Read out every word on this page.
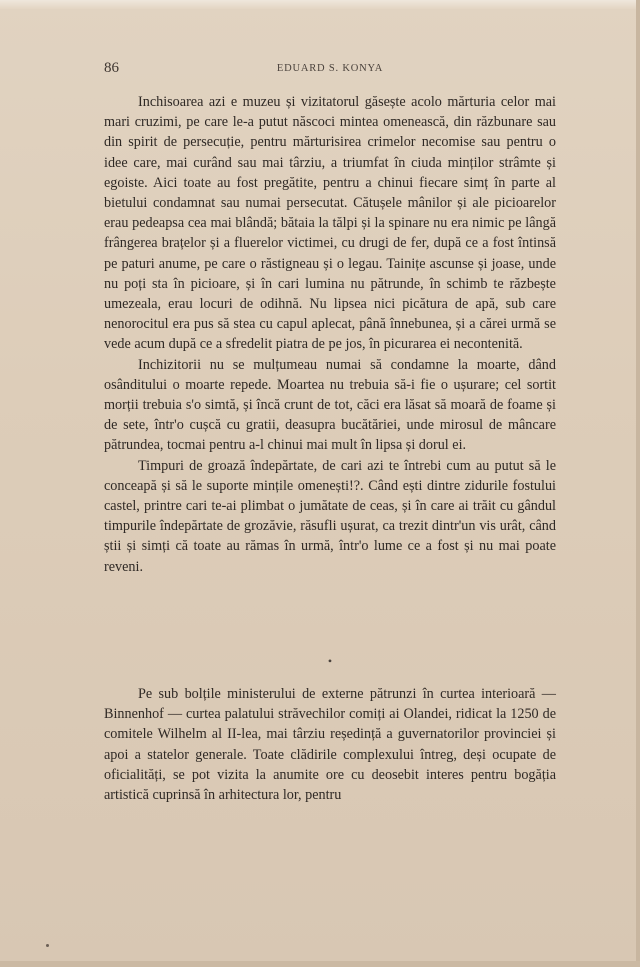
86	EDUARD S. KONYA

Inchisoarea azi e muzeu și vizitatorul găsește acolo mărturia celor mai mari cruzimi, pe care le-a putut născoci mintea omenească, din răzbunare sau din spirit de persecuție, pentru mărturisirea crimelor necomise sau pentru o idee care, mai curând sau mai târziu, a triumfat în ciuda minților strâmte și egoiste. Aici toate au fost pregătite, pentru a chinui fiecare simț în parte al bietului condamnat sau numai persecutat. Cătușele mânilor și ale picioarelor erau pedeapsa cea mai blândă; bătaia la tălpi și la spinare nu era nimic pe lângă frângerea brațelor și a fluerelor victimei, cu drugi de fer, după ce a fost întinsă pe paturi anume, pe care o răstigneau și o legau. Tainițe ascunse și joase, unde nu poți sta în picioare, și în cari lumina nu pătrunde, în schimb te răzbește umezeala, erau locuri de odihnă. Nu lipsea nici picătura de apă, sub care nenorocitul era pus să stea cu capul aplecat, până înnebunea, și a cărei urmă se vede acum după ce a sfredelit piatra de pe jos, în picurarea ei necontenită.

Inchizitorii nu se mulțumeau numai să condamne la moarte, dând osânditului o moarte repede. Moartea nu trebuia să-i fie o ușurare; cel sortit morții trebuia s'o simtă, și încă crunt de tot, căci era lăsat să moară de foame și de sete, într'o cușcă cu gratii, deasupra bucătăriei, unde mirosul de mâncare pătrundea, tocmai pentru a-l chinui mai mult în lipsa și dorul ei.

Timpuri de groază îndepărtate, de cari azi te întrebi cum au putut să le conceapă și să le suporte mințile omenești!?. Când ești dintre zidurile fostului castel, printre cari te-ai plimbat o jumătate de ceas, și în care ai trăit cu gândul timpurile îndepărtate de grozăvie, răsufli ușurat, ca trezit dintr'un vis urât, când știi și simți că toate au rămas în urmă, într'o lume ce a fost și nu mai poate reveni.

•

Pe sub bolțile ministerului de externe pătrunzi în curtea interioară — Binnenhof — curtea palatului străvechilor comiți ai Olandei, ridicat la 1250 de comitele Wilhelm al II-lea, mai târziu reședință a guvernatorilor provinciei și apoi a statelor generale. Toate clădirile complexului întreg, deși ocupate de oficialități, se pot vizita la anumite ore cu deosebit interes pentru bogăția artistică cuprinsă în arhitectura lor, pentru
